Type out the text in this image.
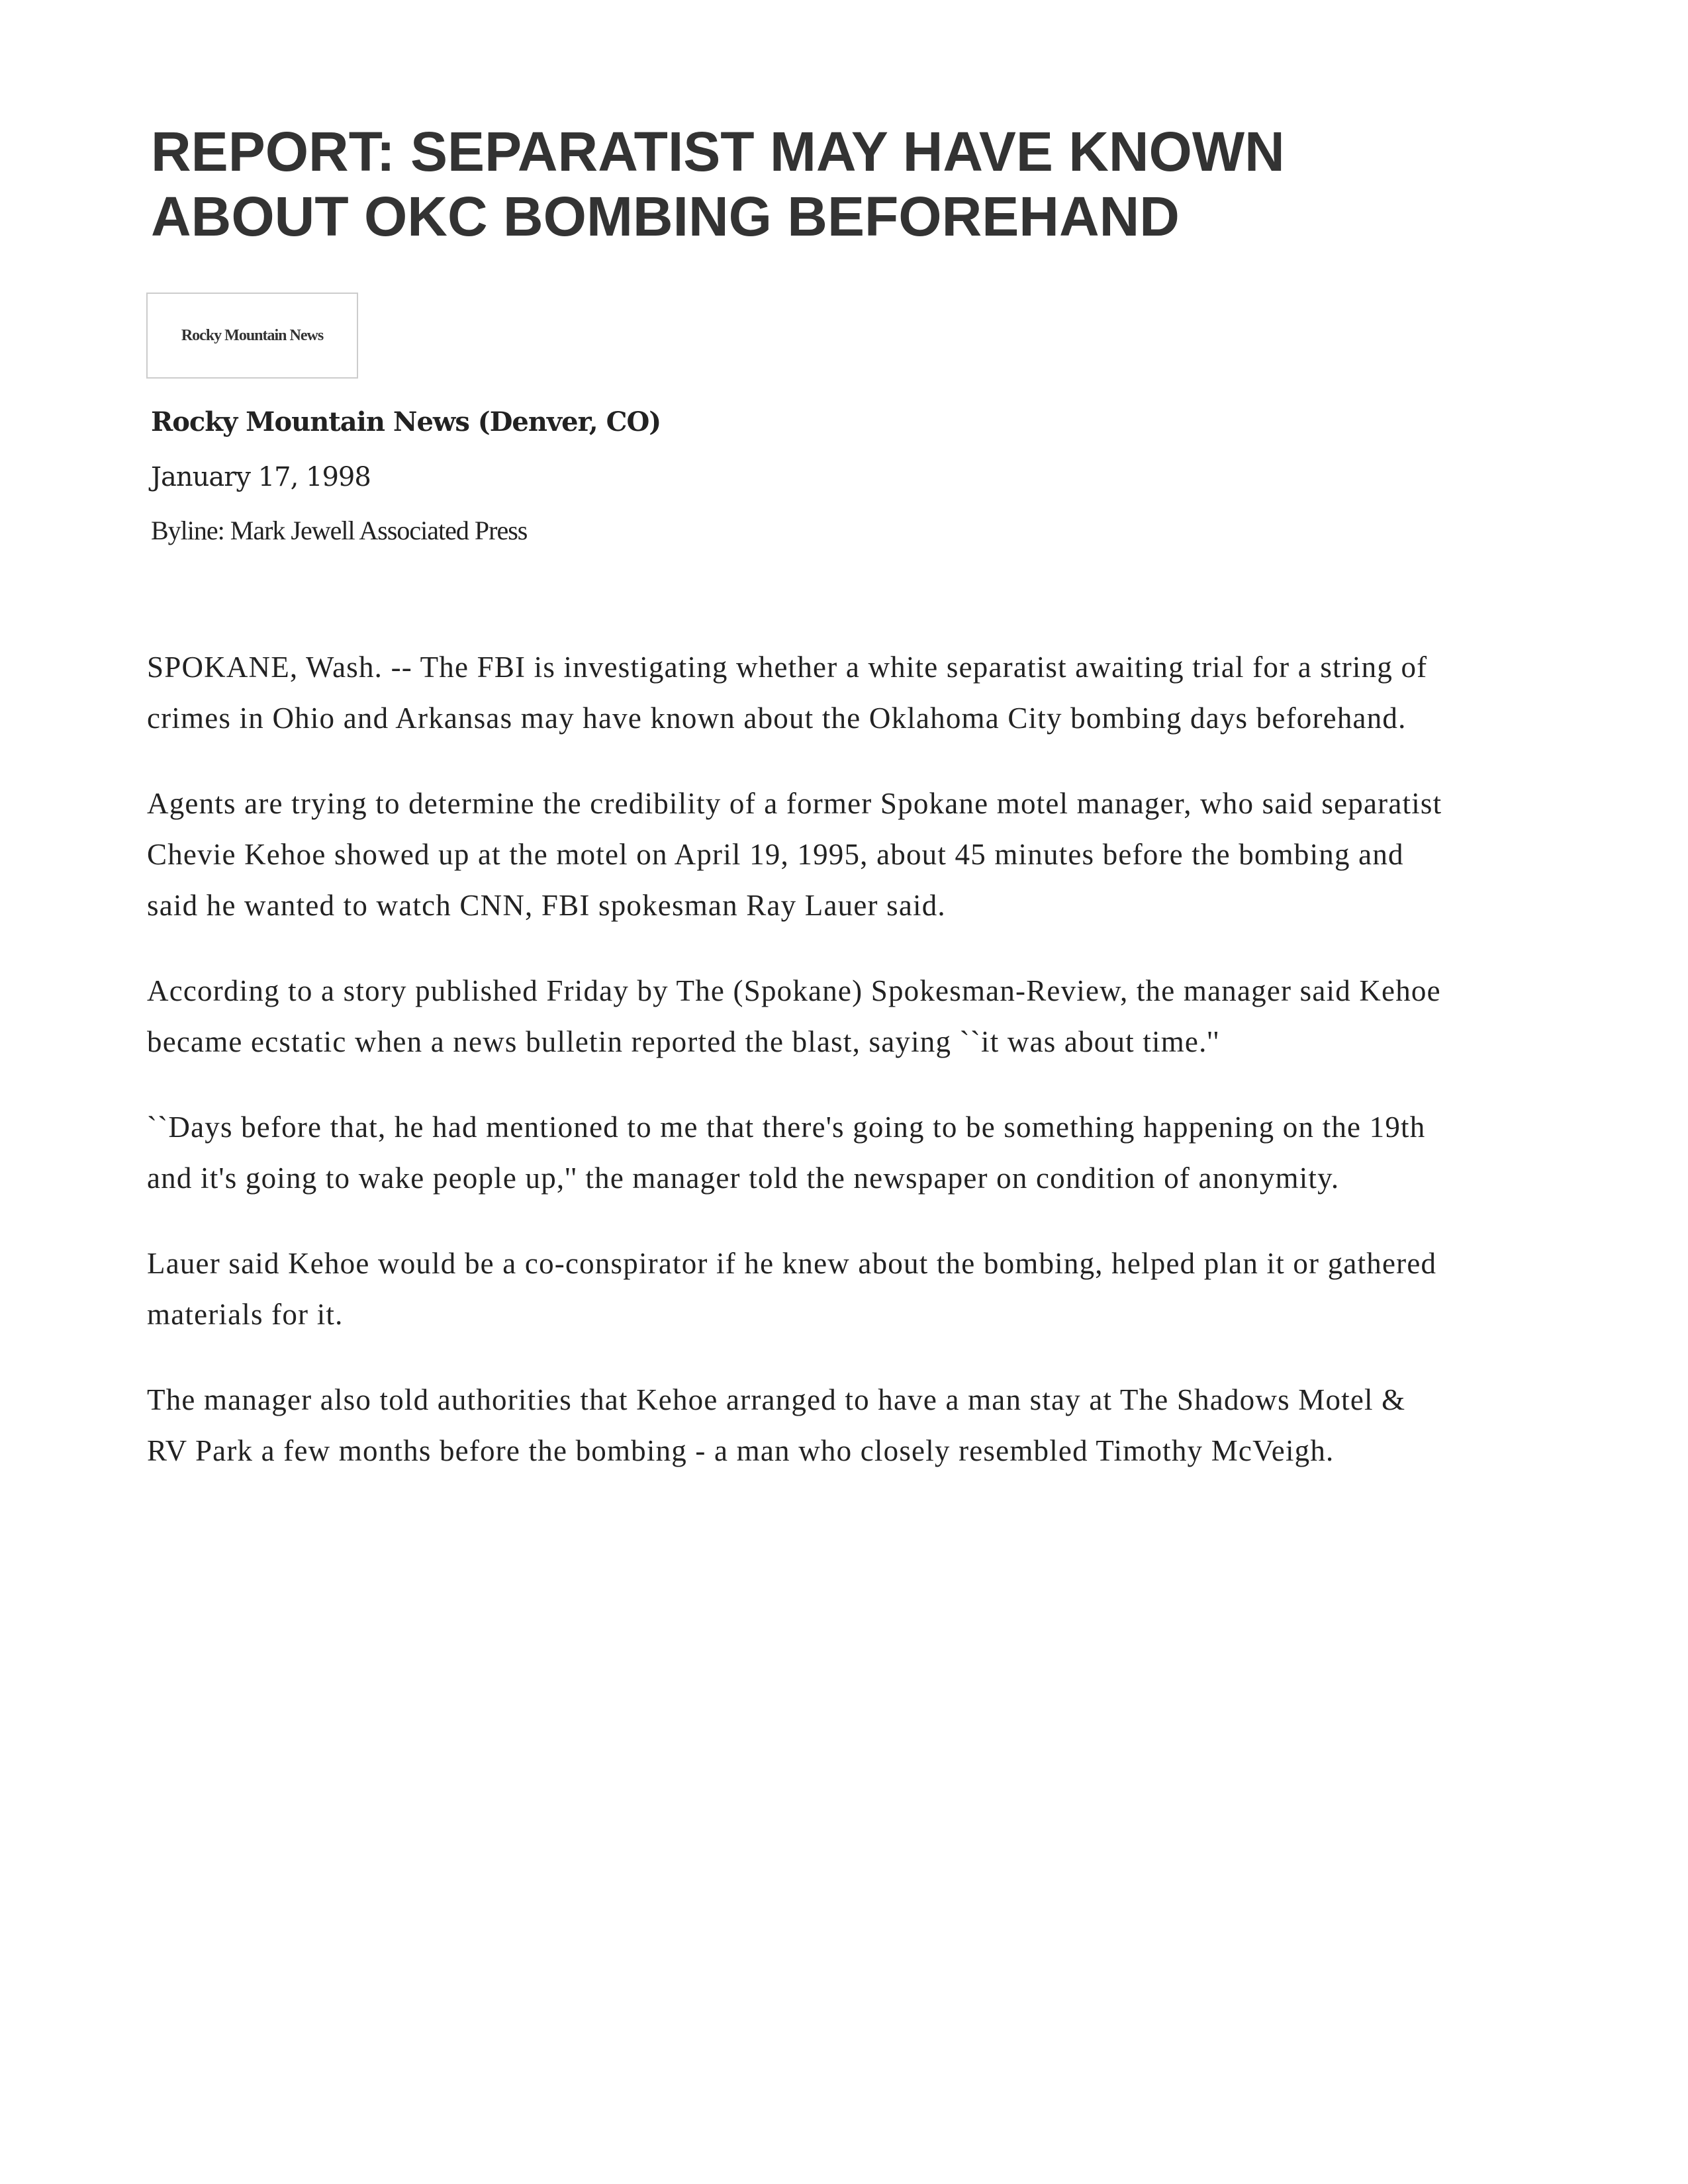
REPORT: SEPARATIST MAY HAVE KNOWN ABOUT OKC BOMBING BEFOREHAND
Rocky Mountain News
Rocky Mountain News (Denver, CO)
January 17, 1998
Byline: Mark Jewell Associated Press

SPOKANE, Wash. -- The FBI is investigating whether a white separatist awaiting trial for a string of crimes in Ohio and Arkansas may have known about the Oklahoma City bombing days beforehand.

Agents are trying to determine the credibility of a former Spokane motel manager, who said separatist Chevie Kehoe showed up at the motel on April 19, 1995, about 45 minutes before the bombing and said he wanted to watch CNN, FBI spokesman Ray Lauer said.

According to a story published Friday by The (Spokane) Spokesman-Review, the manager said Kehoe became ecstatic when a news bulletin reported the blast, saying ``it was about time.''

``Days before that, he had mentioned to me that there's going to be something happening on the 19th and it's going to wake people up,'' the manager told the newspaper on condition of anonymity.

Lauer said Kehoe would be a co-conspirator if he knew about the bombing, helped plan it or gathered materials for it.

The manager also told authorities that Kehoe arranged to have a man stay at The Shadows Motel & RV Park a few months before the bombing - a man who closely resembled Timothy McVeigh.
